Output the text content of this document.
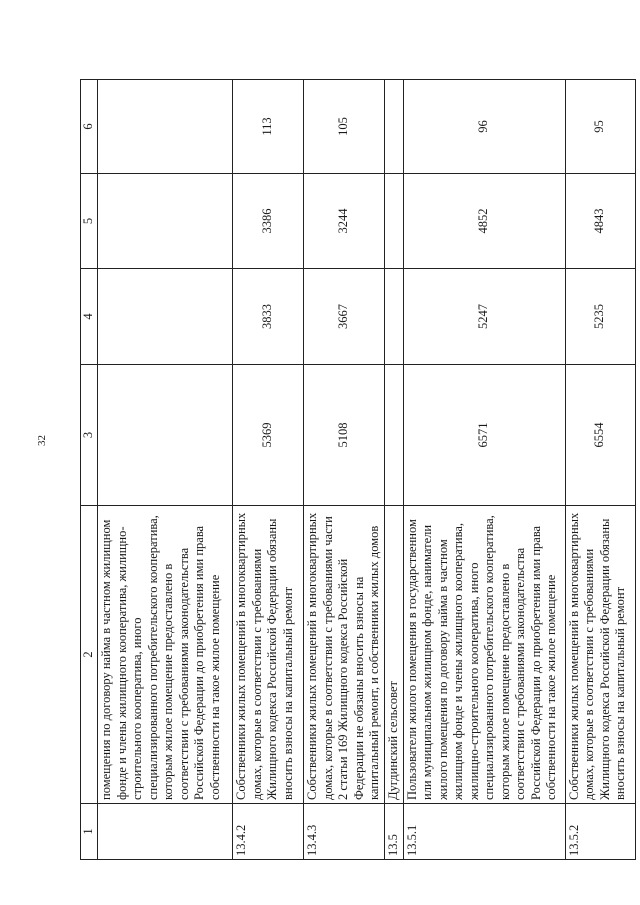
32
1	2	3	4	5	6
	помещения по договору найма в частном жилищном фонде и члены жилищного кооператива, жилищно-строительного кооператива, иного специализированного потребительского кооператива, которым жилое помещение предоставлено в соответствии с требованиями законодательства Российской Федерации до приобретения ими права собственности на такое жилое помещение				
13.4.2	Собственники жилых помещений в многоквартирных домах, которые в соответствии с требованиями Жилищного кодекса Российской Федерации обязаны вносить взносы на капитальный ремонт	5369	3833	3386	113
13.4.3	Собственники жилых помещений в многоквартирных домах, которые в соответствии с требованиями части 2 статьи 169 Жилищного кодекса Российской Федерации не обязаны вносить взносы на капитальный ремонт, и собственники жилых домов	5108	3667	3244	105
13.5	Дугдинский сельсовет				
13.5.1	Пользователи жилого помещения в государственном или муниципальном жилищном фонде, наниматели жилого помещения по договору найма в частном жилищном фонде и члены жилищного кооператива, жилищно-строительного кооператива, иного специализированного потребительского кооператива, которым жилое помещение предоставлено в соответствии с требованиями законодательства Российской Федерации до приобретения ими права собственности на такое жилое помещение	6571	5247	4852	96
13.5.2	Собственники жилых помещений в многоквартирных домах, которые в соответствии с требованиями Жилищного кодекса Российской Федерации обязаны вносить взносы на капитальный ремонт	6554	5235	4843	95
